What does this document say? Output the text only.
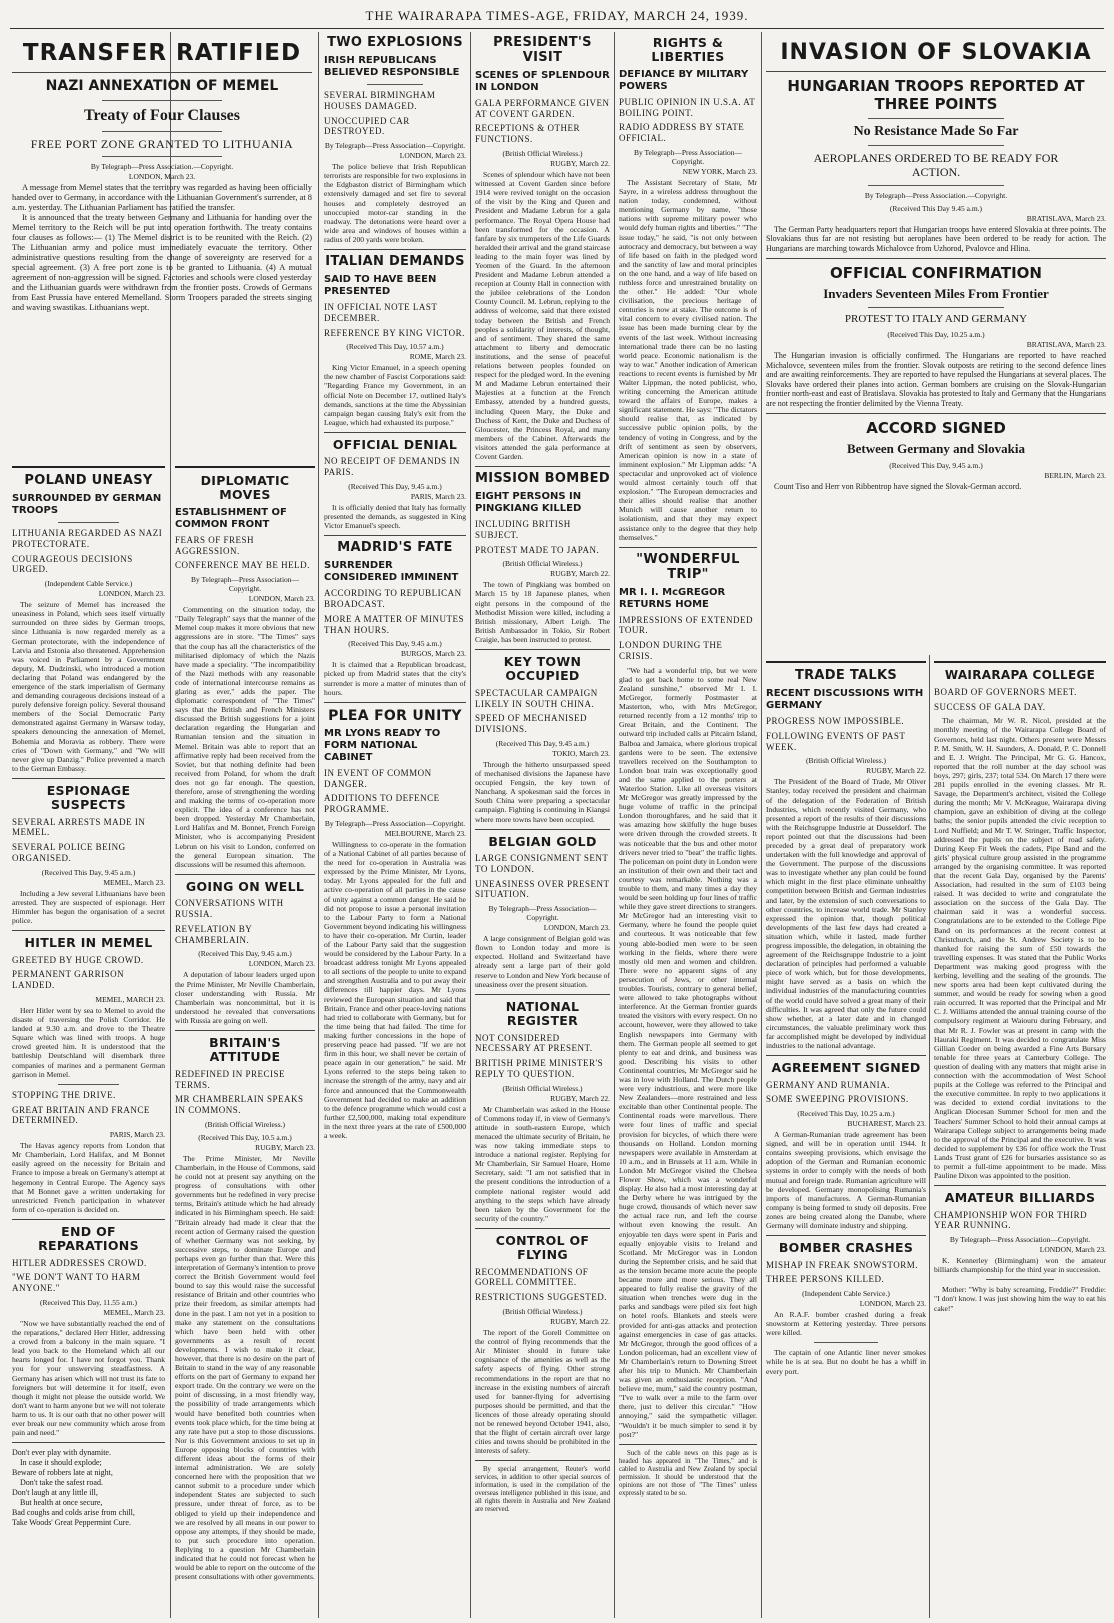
THE WAIRARAPA TIMES-AGE, FRIDAY, MARCH 24, 1939.
TRANSFER RATIFIED
NAZI ANNEXATION OF MEMEL
Treaty of Four Clauses
FREE PORT ZONE GRANTED TO LITHUANIA
By Telegraph—Press Association.—Copyright.
LONDON, March 23.

A message from Memel states that the territory was regarded as having been officially handed over to Germany, in accordance with the Lithuanian Government's surrender, at 8 a.m. yesterday. The Lithuanian Parliament has ratified the transfer.

It is announced that the treaty between Germany and Lithuania for handing over the Memel territory to the Reich will be put into operation forthwith. The treaty contains four clauses as follows:— (1) The Memel district is to be reunited with the Reich. (2) The Lithuanian army and police must immediately evacuate the territory. Other administrative questions resulting from the change of sovereignty are reserved for a special agreement. (3) A free port zone is to be granted to Lithuania. (4) A mutual agreement of non-aggression will be signed. Factories and schools were closed yesterday and the Lithuanian guards were withdrawn from the frontier posts. Crowds of Germans from East Prussia have entered Memelland. Storm Troopers paraded the streets singing and waving swastikas. Lithuanians wept.

POLAND UNEASY
SURROUNDED BY GERMAN TROOPS
LITHUANIA REGARDED AS NAZI PROTECTORATE.
COURAGEOUS DECISIONS URGED.
(Independent Cable Service.)
LONDON, March 23.

The seizure of Memel has increased the uneasiness in Poland, which sees itself virtually surrounded on three sides by German troops, since Lithuania is now regarded merely as a German protectorate, with the independence of Latvia and Estonia also threatened. Apprehension was voiced in Parliament by a Government deputy, M. Dudzinski, who introduced a motion declaring that Poland was endangered by the emergence of the stark imperialism of Germany and demanding courageous decisions instead of a purely defensive foreign policy. Several thousand members of the Social Democratic Party demonstrated against Germany in Warsaw today, speakers denouncing the annexation of Memel, Bohemia and Moravia as robbery. There were cries of "Down with Germany," and "We will never give up Danzig." Police prevented a march to the German Embassy.

ESPIONAGE SUSPECTS
SEVERAL ARRESTS MADE IN MEMEL.
SEVERAL POLICE BEING ORGANISED.
(Received This Day, 9.45 a.m.)
MEMEL, March 23.

Including a Jew several Lithuanians have been arrested. They are suspected of espionage. Herr Himmler has begun the organisation of a secret police.

HITLER IN MEMEL
GREETED BY HUGE CROWD.
PERMANENT GARRISON LANDED.
MEMEL, MARCH 23.

Herr Hitler went by sea to Memel to avoid the disaste of traversing the Polish Corridor. He landed at 9.30 a.m. and drove to the Theatre Square which was lined with troops. A huge crowd greeted him. It is understood that the battleship Deutschland will disembark three companies of marines and a permanent German garrison in Memel.

STOPPING THE DRIVE.
GREAT BRITAIN AND FRANCE DETERMINED.
PARIS, March 23.

The Havas agency reports from London that Mr Chamberlain, Lord Halifax, and M Bonnet easily agreed on the necessity for Britain and France to impose a break on Germany's attempt at hegemony in Central Europe. The Agency says that M Bonnet gave a written undertaking for unrestricted French participation in whatever form of co-operation is decided on.

END OF REPARATIONS
HITLER ADDRESSES CROWD.
"WE DON'T WANT TO HARM ANYONE."
(Received This Day, 11.55 a.m.)
MEMEL, March 23.

"Now we have substantially reached the end of the reparations," declared Herr Hitler, addressing a crowd from a balcony in the main square. "I lead you back to the Homeland which all our hearts longed for. I have not forgot you. Thank you for your unswerving steadfastness. A Germany has arisen which will not trust its fate to foreigners but will determine it for itself, even though it might not please the outside world. We don't want to harm anyone but we will not tolerate harm to us. It is our oath that no other power will ever break our new community which arose from pain and need."

Don't ever play with dynamite.
In case it should explode;
Beware of robbers late at night,
Don't take the safest road.
Don't laugh at any little ill,
But health at once secure,
Bad coughs and colds arise from chill,
Take Woods' Great Peppermint Cure.
TWO EXPLOSIONS
IRISH REPUBLICANS BELIEVED RESPONSIBLE
SEVERAL BIRMINGHAM HOUSES DAMAGED.
UNOCCUPIED CAR DESTROYED.
By Telegraph—Press Association—Copyright.
LONDON, March 23.

The police believe that Irish Republican terrorists are responsible for two explosions in the Edgbaston district of Birmingham which extensively damaged and set fire to several houses and completely destroyed an unoccupied motor-car standing in the roadway. The detonations were heard over a wide area and windows of houses within a radius of 200 yards were broken.

ITALIAN DEMANDS
SAID TO HAVE BEEN PRESENTED
IN OFFICIAL NOTE LAST DECEMBER.
REFERENCE BY KING VICTOR.
(Received This Day, 10.57 a.m.)
ROME, March 23.

King Victor Emanuel, in a speech opening the new chamber of Fascist Corporations said: "Regarding France my Government, in an official Note on December 17, outlined Italy's demands, sanctions at the time the Abyssinian campaign began causing Italy's exit from the League, which had exhausted its purpose."

OFFICIAL DENIAL
NO RECEIPT OF DEMANDS IN PARIS.
(Received This Day, 9.45 a.m.)
PARIS, March 23.

It is officially denied that Italy has formally presented the demands, as suggested in King Victor Emanuel's speech.

MADRID'S FATE
SURRENDER CONSIDERED IMMINENT
ACCORDING TO REPUBLICAN BROADCAST.
MORE A MATTER OF MINUTES THAN HOURS.
(Received This Day, 9.45 a.m.)
BURGOS, March 23.

It is claimed that a Republican broadcast, picked up from Madrid states that the city's surrender is more a matter of minutes than of hours.

PLEA FOR UNITY
MR LYONS READY TO FORM NATIONAL CABINET
IN EVENT OF COMMON DANGER.
ADDITIONS TO DEFENCE PROGRAMME.
By Telegraph—Press Association—Copyright.
MELBOURNE, March 23.

Willingness to co-operate in the formation of a National Cabinet of all parties because of the need for co-operation in Australia was expressed by the Prime Minister, Mr Lyons, today. Mr Lyons appealed for the full and active co-operation of all parties in the cause of unity against a common danger. He said he did not propose to issue a personal invitation to the Labour Party to form a National Government beyond indicating his willingness to have their co-operation. Mr Curtin, leader of the Labour Party said that the suggestion would be considered by the Labour Party. In a broadcast address tonight Mr Lyons appealed to all sections of the people to unite to expand and strengthen Australia and to put away their differences till happier days. Mr Lyons reviewed the European situation and said that Britain, France and other peace-loving nations had tried to collaborate with Germany, but for the time being that had failed. The time for making further concessions in the hope of preserving peace had passed. "If we are not firm in this hour, we shall never be certain of peace again in our generation," he said. Mr Lyons referred to the steps being taken to increase the strength of the army, navy and air force and announced that the Commonwealth Government had decided to make an addition to the defence programme which would cost a further £2,500,000, making total expenditure in the next three years at the rate of £500,000 a week.

DIPLOMATIC MOVES
ESTABLISHMENT OF COMMON FRONT
FEARS OF FRESH AGGRESSION.
CONFERENCE MAY BE HELD.
By Telegraph—Press Association—Copyright.
LONDON, March 23.

Commenting on the situation today, the "Daily Telegraph" says that the manner of the Memel coup makes it more obvious that new aggressions are in store. "The Times" says that the coup has all the characteristics of the militarised diplomacy of which the Nazis have made a speciality. "The incompatibility of the Nazi methods with any reasonable code of international intercourse remains as glaring as ever," adds the paper. The diplomatic correspondent of "The Times" says that the British and French Ministers discussed the British suggestions for a joint declaration regarding the Hungarian and Rumanian tension and the situation in Memel. Britain was able to report that an affirmative reply had been received from the Soviet, but that nothing definite had been received from Poland, for whom the draft does not go far enough. The question, therefore, arose of strengthening the wording and making the terms of co-operation more explicit. The idea of a conference has not been dropped. Yesterday Mr Chamberlain, Lord Halifax and M. Bonnet, French Foreign Minister, who is accompanying President Lebrun on his visit to London, conferred on the general European situation. The discussions will be resumed this afternoon.

GOING ON WELL
CONVERSATIONS WITH RUSSIA.
REVELATION BY CHAMBERLAIN.
(Received This Day, 9.45 a.m.)
LONDON, March 23.

A deputation of labour leaders urged upon the Prime Minister, Mr Neville Chamberlain, closer understanding with Russia. Mr Chamberlain was noncommittal, but it is understood he revealed that conversations with Russia are going on well.

BRITAIN'S ATTITUDE
REDEFINED IN PRECISE TERMS.
MR CHAMBERLAIN SPEAKS IN COMMONS.
(British Official Wireless.)
(Received This Day, 10.5 a.m.)
RUGBY, March 23.

The Prime Minister, Mr Neville Chamberlain, in the House of Commons, said he could not at present say anything on the progress of consultations with other governments but he redefined in very precise terms, Britain's attitude which he had already indicated in his Birmingham speech. He said: "Britain already had made it clear that the recent action of Germany raised the question of whether Germany was not seeking, by successive steps, to dominate Europe and perhaps even go further than that. Were this interpretation of Germany's intention to prove correct the British Government would feel bound to say this would raise the successful resistance of Britain and other countries who prize their freedom, as similar attempts had done in the past. I am not yet in a position to make any statement on the consultations which have been held with other governments as a result of recent developments. I wish to make it clear, however, that there is no desire on the part of Britain to stand in the way of any reasonable efforts on the part of Germany to expand her export trade. On the contrary we were on the point of discussing, in a most friendly way, the possibility of trade arrangements which would have benefited both countries when events took place which, for the time being at any rate have put a stop to those discussions. Nor is this Government anxious to set up in Europe opposing blocks of countries with different ideas about the forms of their internal administration. We are solely concerned here with the proposition that we cannot submit to a procedure under which independent States are subjected to such pressure, under threat of force, as to be obliged to yield up their independence and we are resolved by all means in our power to oppose any attempts, if they should be made, to put such procedure into operation. Replying to a question Mr Chamberlain indicated that he could not forecast when he would be able to report on the outcome of the present consultations with other governments.

PRESIDENT'S VISIT
SCENES OF SPLENDOUR IN LONDON
GALA PERFORMANCE GIVEN AT COVENT GARDEN.
RECEPTIONS & OTHER FUNCTIONS.
(British Official Wireless.)
RUGBY, March 22.

Scenes of splendour which have not been witnessed at Covent Garden since before 1914 were revived tonight on the occasion of the visit by the King and Queen and President and Madame Lebrun for a gala performance. The Royal Opera House had been transformed for the occasion. A fanfare by six trumpeters of the Life Guards heralded their arrival and the grand staircase leading to the main foyer was lined by Yeomen of the Guard. In the afternoon President and Madame Lebrun attended a reception at County Hall in connection with the jubilee celebrations of the London County Council. M. Lebrun, replying to the address of welcome, said that there existed today between the British and French peoples a solidarity of interests, of thought, and of sentiment. They shared the same attachment to liberty and democratic institutions, and the sense of peaceful relations between peoples founded on respect for the pledged word. In the evening M and Madame Lebrun entertained their Majesties at a function at the French Embassy, attended by a hundred guests, including Queen Mary, the Duke and Duchess of Kent, the Duke and Duchess of Gloucester, the Princess Royal, and many members of the Cabinet. Afterwards the visitors attended the gala performance at Covent Garden.

MISSION BOMBED
EIGHT PERSONS IN PINGKIANG KILLED
INCLUDING BRITISH SUBJECT.
PROTEST MADE TO JAPAN.
(British Official Wireless.)
RUGBY, March 22.

The town of Pingkiang was bombed on March 15 by 18 Japanese planes, when eight persons in the compound of the Methodist Mission were killed, including a British missionary, Albert Leigh. The British Ambassador in Tokio, Sir Robert Craigie, has been instructed to protest.

KEY TOWN OCCUPIED
SPECTACULAR CAMPAIGN LIKELY IN SOUTH CHINA.
SPEED OF MECHANISED DIVISIONS.
(Received This Day, 9.45 a.m.)
TOKIO, March 23.

Through the hitherto unsurpassed speed of mechanised divisions the Japanese have occupied Fengsin, the key town of Nanchang. A spokesman said the forces in South China were preparing a spectacular campaign. Fighting is continuing in Kiangsi where more towns have been occupied.

BELGIAN GOLD
LARGE CONSIGNMENT SENT TO LONDON.
UNEASINESS OVER PRESENT SITUATION.
By Telegraph—Press Association—Copyright.
LONDON, March 23.

A large consignment of Belgian gold was flown to London today and more is expected. Holland and Switzerland have already sent a large part of their gold reserve to London and New York because of uneasiness over the present situation.

NATIONAL REGISTER
NOT CONSIDERED NECESSARY AT PRESENT.
BRITISH PRIME MINISTER'S REPLY TO QUESTION.
(British Official Wireless.)
RUGBY, March 22.

Mr Chamberlain was asked in the House of Commons today if, in view of Germany's attitude in south-eastern Europe, which menaced the ultimate security of Britain, he was now taking immediate steps to introduce a national register. Replying for Mr Chamberlain, Sir Samuel Hoare, Home Secretary, said: "I am not satisfied that in the present conditions the introduction of a complete national register would add anything to the steps which have already been taken by the Government for the security of the country."

CONTROL OF FLYING
RECOMMENDATIONS OF GORELL COMMITTEE.
RESTRICTIONS SUGGESTED.
(British Official Wireless.)
RUGBY, March 22.

The report of the Gorell Committee on the control of flying recommends that the Air Minister should in future take cognisance of the amenities as well as the safety aspects of flying. Other strong recommendations in the report are that no increase in the existing numbers of aircraft used for banner-flying for advertising purposes should be permitted, and that the licences of those already operating should not be renewed beyond October 1941, also, that the flight of certain aircraft over large cities and towns should be prohibited in the interests of safety.

By special arrangement, Reuter's world services, in addition to other special sources of information, is used in the compilation of the overseas intelligence published in this issue, and all rights therein in Australia and New Zealand are reserved.

RIGHTS & LIBERTIES
DEFIANCE BY MILITARY POWERS
PUBLIC OPINION IN U.S.A. AT BOILING POINT.
RADIO ADDRESS BY STATE OFFICIAL.
By Telegraph—Press Association—Copyright.
NEW YORK, March 23.

The Assistant Secretary of State, Mr Sayre, in a wireless address throughout the nation today, condemned, without mentioning Germany by name, "those nations with supreme military power who would defy human rights and liberties." "The issue today," he said, "is not only between autocracy and democracy, but between a way of life based on faith in the pledged word and the sanctity of law and moral principles on the one hand, and a way of life based on ruthless force and unrestrained brutality on the other." He added: "Our whole civilisation, the precious heritage of centuries is now at stake. The outcome is of vital concern to every civilised nation. The issue has been made burning clear by the events of the last week. Without increasing international trade there can be no lasting world peace. Economic nationalism is the way to war." Another indication of American reactions to recent events is furnished by Mr Walter Lippman, the noted publicist, who, writing concerning the American attitude toward the affairs of Europe, makes a significant statement. He says: "The dictators should realise that, as indicated by successive public opinion polls, by the tendency of voting in Congress, and by the drift of sentiment as seen by observers, American opinion is now in a state of imminent explosion." Mr Lippman adds: "A spectacular and unprovoked act of violence would almost certainly touch off that explosion." "The European democracies and their allies should realise that another Munich will cause another return to isolationism, and that they may expect assistance only to the degree that they help themselves."

"WONDERFUL TRIP"
MR I. I. McGREGOR RETURNS HOME
IMPRESSIONS OF EXTENDED TOUR.
LONDON DURING THE CRISIS.

"We had a wonderful trip, but we were glad to get back home to some real New Zealand sunshine," observed Mr I. I. McGregor, formerly Postmaster at Masterton, who, with Mrs McGregor, returned recently from a 12 months' trip to Great Britain, and the Continent. The outward trip included calls at Pitcairn Island, Balboa and Jamaica, where glorious tropical gardens were to be seen. The extensive travellers received on the Southampton to London boat train was exceptionally good and the same applied to the porters at Waterloo Station. Like all overseas visitors Mr McGregor was greatly impressed by the huge volume of traffic in the principal London thoroughfares, and he said that it was amazing how skilfully the huge buses were driven through the crowded streets. It was noticeable that the bus and other motor drivers never tried to "beat" the traffic lights. The policeman on point duty in London were an institution of their own and their tact and courtesy was remarkable. Nothing was a trouble to them, and many times a day they would be seen holding up four lines of traffic while they gave street directions to strangers. Mr McGregor had an interesting visit to Germany, where he found the people quiet and courteous. It was noticeable that few young able-bodied men were to be seen working in the fields, where there were mostly old men and women and children. There were no apparent signs of any persecution of Jews, or other internal troubles. Tourists, contrary to general belief, were allowed to take photographs without interference. At the German frontier guards treated the visitors with every respect. On no account, however, were they allowed to take English newspapers into Germany with them. The German people all seemed to get plenty to eat and drink, and business was good. Describing his visits to other Continental countries, Mr McGregor said he was in love with Holland. The Dutch people were very industrious, and were more like New Zealanders—more restrained and less excitable than other Continental people. The Continental roads were marvellous. There were four lines of traffic and special provision for bicycles, of which there were thousands on Holland. London morning newspapers were available in Amsterdam at 10 a.m., and in Brussels at 11 a.m. While in London Mr McGregor visited the Chelsea Flower Show, which was a wonderful display. He also had a most interesting day at the Derby where he was intrigued by the huge crowd, thousands of which never saw the actual race run, and left the course without even knowing the result. An enjoyable ten days were spent in Paris and equally enjoyable visits to Ireland and Scotland. Mr McGregor was in London during the September crisis, and he said that as the tension became more acute the people became more and more serious. They all appeared to fully realise the gravity of the situation when trenches were dug in the parks and sandbags were piled six feet high on hotel roofs. Blankets and steels were provided for anti-gas attacks and protection against emergencies in case of gas attacks. Mr McGregor, through the good offices of a London policeman, had an excellent view of Mr Chamberlain's return to Downing Street after his trip to Munich. Mr Chamberlain was given an enthusiastic reception. "And believe me, mum," said the country postman, "I've to walk over a mile to the farm over there, just to deliver this circular." "How annoying," said the sympathetic villager. "Wouldn't it be much simpler to send it by post?"

Such of the cable news on this page as is headed has appeared in "The Times," and is cabled to Australia and New Zealand by special permission. It should be understood that the opinions are not those of "The Times" unless expressly stated to be so.

INVASION OF SLOVAKIA
HUNGARIAN TROOPS REPORTED AT THREE POINTS
No Resistance Made So Far
AEROPLANES ORDERED TO BE READY FOR ACTION.
By Telegraph—Press Association.—Copyright.
(Received This Day 9.45 a.m.)
BRATISLAVA, March 23.

The German Party headquarters report that Hungarian troops have entered Slovakia at three points. The Slovakians thus far are not resisting but aeroplanes have been ordered to be ready for action. The Hungarians are marching towards Michalovce from Uzhorod, Pvalovce and Hlina.

OFFICIAL CONFIRMATION
Invaders Seventeen Miles From Frontier
PROTEST TO ITALY AND GERMANY
(Received This Day, 10.25 a.m.)
BRATISLAVA, March 23.

The Hungarian invasion is officially confirmed. The Hungarians are reported to have reached Michalovce, seventeen miles from the frontier. Slovak outposts are retiring to the second defence lines and are awaiting reinforcements. They are reported to have repulsed the Hungarians at several places. The Slovaks have ordered their planes into action. German bombers are cruising on the Slovak-Hungarian frontier north-east and east of Bratislava. Slovakia has protested to Italy and Germany that the Hungarians are not respecting the frontier delimited by the Vienna Treaty.

ACCORD SIGNED
Between Germany and Slovakia
(Received This Day, 9.45 a.m.)
BERLIN, March 23.

Count Tiso and Herr von Ribbentrop have signed the Slovak-German accord.

TRADE TALKS
RECENT DISCUSSIONS WITH GERMANY
PROGRESS NOW IMPOSSIBLE.
FOLLOWING EVENTS OF PAST WEEK.
(British Official Wireless.)
RUGBY, March 22.

The President of the Board of Trade, Mr Oliver Stanley, today received the president and chairman of the delegation of the Federation of British Industries, which recently visited Germany, who presented a report of the results of their discussions with the Reichsgruppe Industrie at Dusseldorf. The report pointed out that the discussions had been preceded by a great deal of preparatory work undertaken with the full knowledge and approval of the Government. The purpose of the discussions was to investigate whether any plan could be found which might in the first place eliminate unhealthy competition between British and German industries and later, by the extension of such conversations to other countries, to increase world trade. Mr Stanley expressed the opinion that, though political developments of the last few days had created a situation which, while it lasted, made further progress impossible, the delegation, in obtaining the agreement of the Reichsgruppe Industrie to a joint declaration of principles had performed a valuable piece of work which, but for those developments, might have served as a basis on which the individual industries of the manufacturing countries of the world could have solved a great many of their difficulties. It was agreed that only the future could show whether, at a later date and in changed circumstances, the valuable preliminary work thus far accomplished might be developed by individual industries to the national advantage.

AGREEMENT SIGNED
GERMANY AND RUMANIA.
SOME SWEEPING PROVISIONS.
(Received This Day, 10.25 a.m.)
BUCHAREST, March 23.

A German-Rumanian trade agreement has been signed, and will be in operation until 1944. It contains sweeping provisions, which envisage the adoption of the German and Rumanian economic systems in order to comply with the needs of both mutual and foreign trade. Rumanian agriculture will be developed. Germany monopolising Rumania's imports of manufactures. A German-Rumanian company is being formed to study oil deposits. Free zones are being created along the Danube, where Germany will dominate industry and shipping.

BOMBER CRASHES
MISHAP IN FREAK SNOWSTORM.
THREE PERSONS KILLED.
(Independent Cable Service.)
LONDON, March 23.

An R.A.F. bomber crashed during a freak snowstorm at Kettering yesterday. Three persons were killed.

The captain of one Atlantic liner never smokes while he is at sea. But no doubt he has a whiff in every port.

WAIRARAPA COLLEGE
BOARD OF GOVERNORS MEET.
SUCCESS OF GALA DAY.

The chairman, Mr W. R. Nicol, presided at the monthly meeting of the Wairarapa College Board of Governors, held last night. Others present were Messrs P. M. Smith, W. H. Saunders, A. Donald, P. C. Donnell and E. J. Wright. The Principal, Mr G. G. Hancox, reported that the roll number at the day school was boys, 297; girls, 237; total 534. On March 17 there were 281 pupils enrolled in the evening classes. Mr R. Savage, the Department's architect, visited the College during the month; Mr V. McKeague, Wairarapa diving champion, gave an exhibition of diving at the college baths; the senior pupils attended the civic reception to Lord Nuffield; and Mr T. W. Stringer, Traffic Inspector, addressed the pupils on the subject of road safety. During Keep Fit Week the cadets, Pipe Band and the girls' physical culture group assisted in the programme arranged by the organising committee. It was reported that the recent Gala Day, organised by the Parents' Association, had resulted in the sum of £103 being raised. It was decided to write and congratulate the association on the success of the Gala Day. The chairman said it was a wonderful success. Congratulations are to be extended to the College Pipe Band on its performances at the recent contest at Christchurch, and the St. Andrew Society is to be thanked for raising the sum of £50 towards the travelling expenses. It was stated that the Public Works Department was making good progress with the kerbing, levelling and the sealing of the grounds. The new sports area had been kept cultivated during the summer, and would be ready for sowing when a good rain occurred. It was reported that the Principal and Mr C. J. Williams attended the annual training course of the compulsory regiment at Waiouru during February, and that Mr R. J. Fowler was at present in camp with the Hauraki Regiment. It was decided to congratulate Miss Gillian Coeder on being awarded a Fine Arts Bursary tenable for three years at Canterbury College. The question of dealing with any matters that might arise in connection with the accommodation of West School pupils at the College was referred to the Principal and the executive committee. In reply to two applications it was decided to extend cordial invitations to the Anglican Diocesan Summer School for men and the Teachers' Summer School to hold their annual camps at Wairarapa College subject to arrangements being made to the approval of the Principal and the executive. It was decided to supplement by £36 for office work the Trust Lands Trust grant of £26 for bursaries assistance so as to permit a full-time appointment to be made. Miss Pauline Dixon was appointed to the position.

AMATEUR BILLIARDS
CHAMPIONSHIP WON FOR THIRD YEAR RUNNING.
By Telegraph—Press Association—Copyright.
LONDON, March 23.

K. Kennerley (Birmingham) won the amateur billiards championship for the third year in succession.

Mother: "Why is baby screaming, Freddie?" Freddie: "I don't know. I was just showing him the way to eat his cake!"
